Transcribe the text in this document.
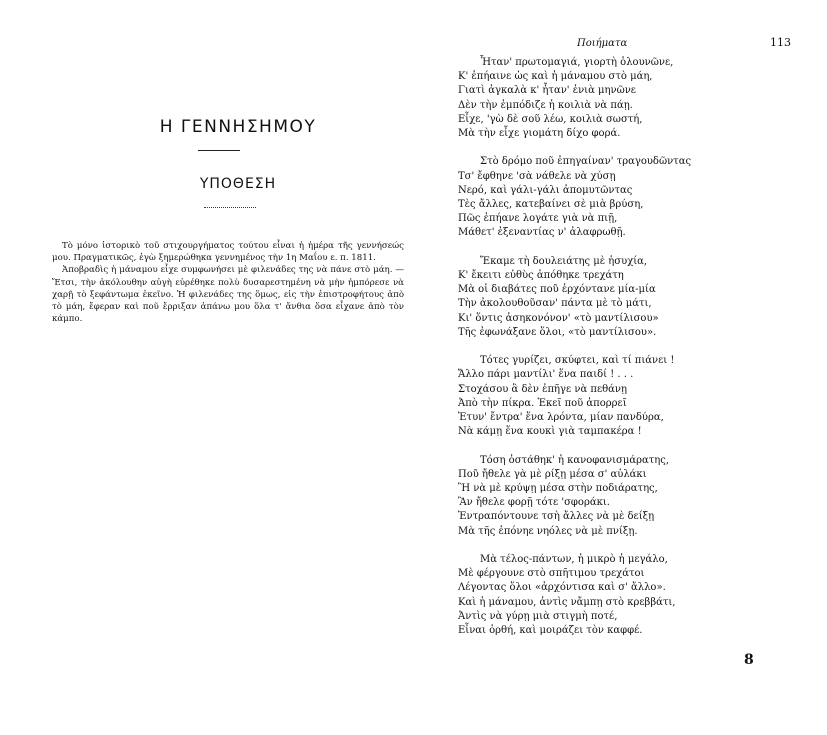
Η ΓΕΝΝΗΣΗΜΟΥ
ΥΠΟΘΕΣΗ

Τὸ μόνο ἱστορικὸ τοῦ στιχουργήματος τούτου εἶναι ἡ ἡμέρα τῆς γεννήσεώς μου. Πραγματικῶς, ἐγὼ ξημερώθηκα γεννημένος τὴν 1η Μαΐου ε. π. 1811.

Ἀποβραδὶς ἡ μάναμου εἶχε συμφωνήσει μὲ φιλενάδες της νὰ πάνε στὸ μάη. —Ἔτσι, τὴν ἀκόλουθην αὐγὴ εὑρέθηκε πολὺ δυσαρεστημένη νὰ μὴν ἠμπόρεσε νὰ χαρῇ τὸ ξεφάντωμα ἐκεῖνο. Ἡ φιλενάδες της ὅμως, εἰς τὴν ἐπιστροφήτους ἀπὸ τὸ μάη, ἔφεραν καὶ ποῦ ἔρριξαν ἀπάνω μου ὅλα τ' ἄνθια ὅσα εἶχανε ἀπὸ τὸν κάμπο.

Ποιήματα	113
Ἦταν' πρωτομαγιά, γιορτὴ ὁλουνῶνε,
Κ' ἐπήαινε ὡς καὶ ἡ μάναμου στὸ μάη,
Γιατὶ ἀγκαλὰ κ' ἦταν' ἐνιὰ μηνῶνε
Δὲν τὴν ἐμπόδιζε ἡ κοιλιὰ νὰ πάῃ.
Εἶχε, 'γὼ δὲ σοῦ λέω, κοιλιὰ σωστή,
Μὰ τὴν εἶχε γιομάτη δίχο φορά.
Στὸ δρόμο ποῦ ἐπηγαίναν' τραγουδῶντας
Τσ' ἔφθηνε 'σὰ νάθελε νὰ χύσῃ
Νερό, καὶ γάλι-γάλι ἀπομυτῶντας
Τὲς ἄλλες, κατεβαίνει σὲ μιὰ βρύση,
Πῶς ἐπήανε λογάτε γιὰ νὰ πιῇ,
Μάθετ' ἐξεναντίας ν' ἀλαφρωθῇ.
Ἔκαμε τὴ δουλειάτης μὲ ἡσυχία,
Κ' ἔκειτι εὐθὺς ἀπόθηκε τρεχάτη
Μὰ οἱ διαβάτες ποῦ ἐρχόντανε μία-μία
Τὴν ἀκολουθοῦσαν' πάντα μὲ τὸ μάτι,
Κι' ὅντις ἀσηκονόνον' «τὸ μαντίλισου»
Τῆς ἐφωνάξανε ὅλοι, «τὸ μαντίλισου».
Τότες γυρίζει, σκύφτει, καὶ τί πιάνει !
Ἄλλο πάρι μαντίλι' ἕνα παιδί ! . . .
Στοχάσου ἂ δὲν ἐπῆγε νὰ πεθάνῃ
Ἀπὸ τὴν πίκρα. Ἐκεῖ ποῦ ἀπορρεῖ
Ἐτυν' ἔντρα' ἕνα λρόντα, μίαν πανδύρα,
Νὰ κάμῃ ἕνα κουκὶ γιὰ ταμπακέρα !
Τόση ὀστάθηκ' ἡ κανοφανισμάρατης,
Ποῦ ἤθελε γὰ μὲ ρίξῃ μέσα σ' αὐλάκι
Ἢ νὰ μὲ κρύψῃ μέσα στὴν ποδιάρατης,
Ἂν ἤθελε φορῇ τότε 'σφοράκι.
Ἐντραπόντουνε τσὴ ἄλλες νὰ μὲ δείξῃ
Μὰ τῆς ἐπόνηε νηόλες νὰ μὲ πνίξῃ.
Μὰ τέλος-πάντων, ἡ μικρὸ ἡ μεγάλο,
Μὲ φέργουνε στὸ σπῆτιμου τρεχάτοι
Λέγοντας ὅλοι «ἀρχόντισα καὶ σ' ἄλλο».
Καὶ ἡ μάναμου, ἀντὶς νἄμπῃ στὸ κρεββάτι,
Ἀντὶς νὰ γύρῃ μιὰ στιγμὴ ποτέ,
Εἶναι ὀρθή, καὶ μοιράζει τὸν καφφέ.
8
